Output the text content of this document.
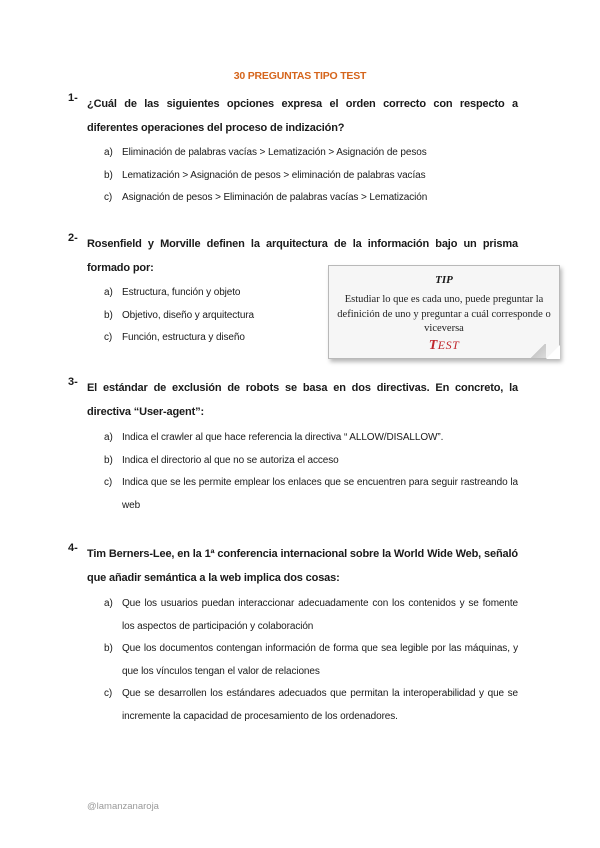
30 PREGUNTAS TIPO TEST
1- ¿Cuál de las siguientes opciones expresa el orden correcto con respecto a diferentes operaciones del proceso de indización?
a) Eliminación de palabras vacías > Lematización > Asignación de pesos
b) Lematización > Asignación de pesos > eliminación de palabras vacías
c) Asignación de pesos > Eliminación de palabras vacías > Lematización
2- Rosenfield y Morville definen la arquitectura de la información bajo un prisma formado por:
a) Estructura, función y objeto
b) Objetivo, diseño y arquitectura
c) Función, estructura y diseño
TIP
Estudiar lo que es cada uno, puede preguntar la definición de uno y preguntar a cuál corresponde o viceversa
TEST
3- El estándar de exclusión de robots se basa en dos directivas. En concreto, la directiva “User-agent”:
a) Indica el crawler al que hace referencia la directiva “ ALLOW/DISALLOW”.
b) Indica el directorio al que no se autoriza el acceso
c) Indica que se les permite emplear los enlaces que se encuentren para seguir rastreando la web
4- Tim Berners-Lee, en la 1ª conferencia internacional sobre la World Wide Web, señaló que añadir semántica a la web implica dos cosas:
a) Que los usuarios puedan interaccionar adecuadamente con los contenidos y se fomente los aspectos de participación y colaboración
b) Que los documentos contengan información de forma que sea legible por las máquinas, y que los vínculos tengan el valor de relaciones
c) Que se desarrollen los estándares adecuados que permitan la interoperabilidad y que se incremente la capacidad de procesamiento de los ordenadores.
@lamanzanaroja
